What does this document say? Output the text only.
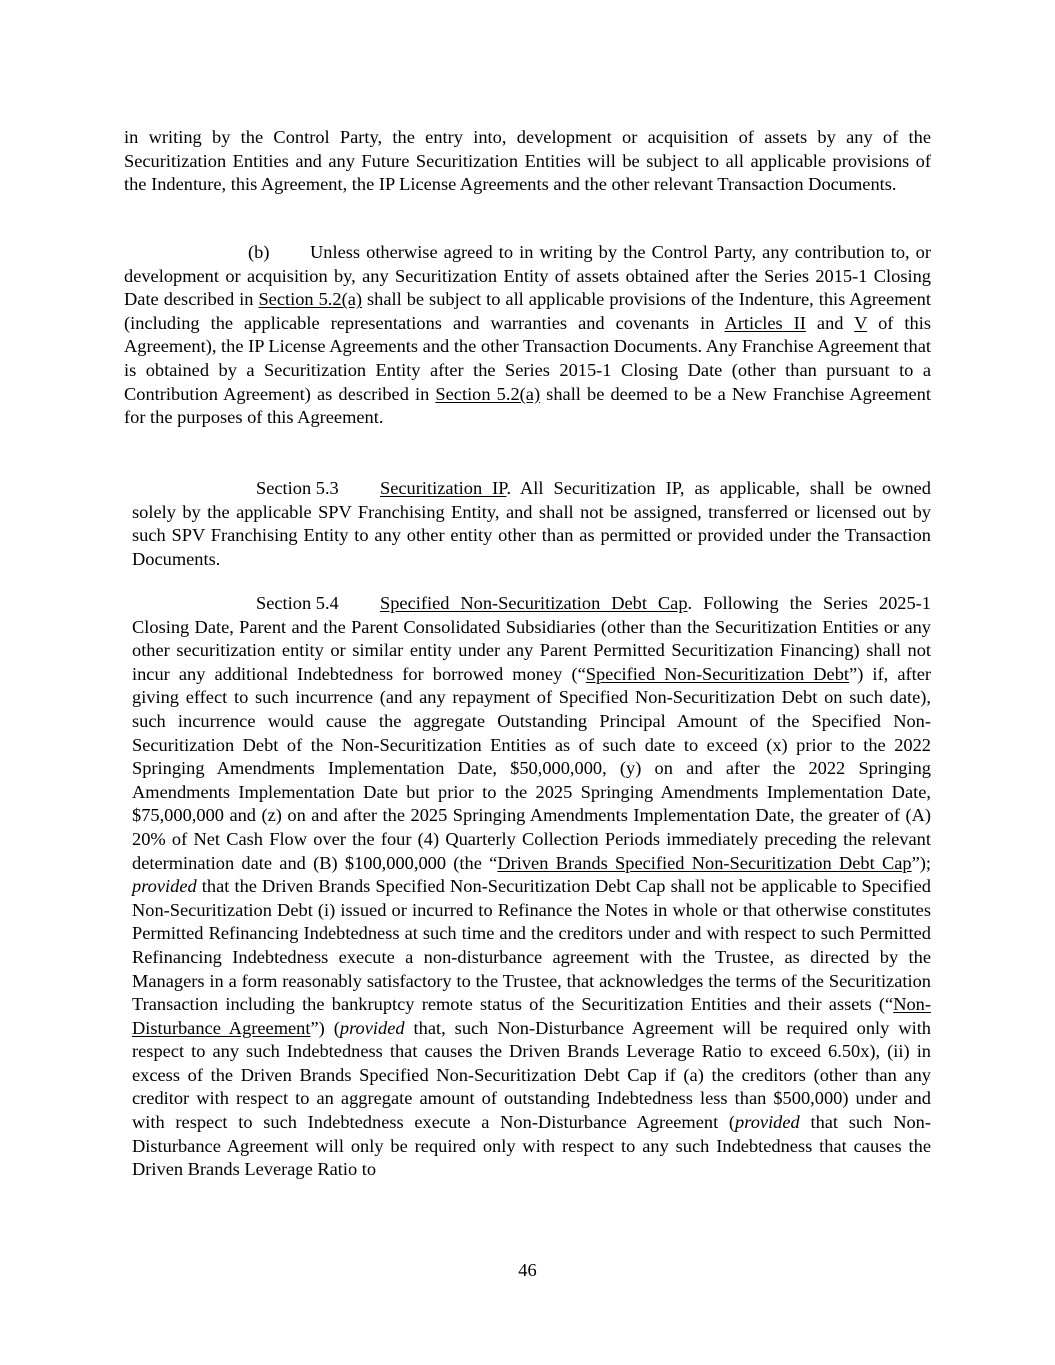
in writing by the Control Party, the entry into, development or acquisition of assets by any of the Securitization Entities and any Future Securitization Entities will be subject to all applicable provisions of the Indenture, this Agreement, the IP License Agreements and the other relevant Transaction Documents.

(b) Unless otherwise agreed to in writing by the Control Party, any contribution to, or development or acquisition by, any Securitization Entity of assets obtained after the Series 2015-1 Closing Date described in Section 5.2(a) shall be subject to all applicable provisions of the Indenture, this Agreement (including the applicable representations and warranties and covenants in Articles II and V of this Agreement), the IP License Agreements and the other Transaction Documents. Any Franchise Agreement that is obtained by a Securitization Entity after the Series 2015-1 Closing Date (other than pursuant to a Contribution Agreement) as described in Section 5.2(a) shall be deemed to be a New Franchise Agreement for the purposes of this Agreement.

Section 5.3 Securitization IP. All Securitization IP, as applicable, shall be owned solely by the applicable SPV Franchising Entity, and shall not be assigned, transferred or licensed out by such SPV Franchising Entity to any other entity other than as permitted or provided under the Transaction Documents.

Section 5.4 Specified Non-Securitization Debt Cap. Following the Series 2025-1 Closing Date, Parent and the Parent Consolidated Subsidiaries (other than the Securitization Entities or any other securitization entity or similar entity under any Parent Permitted Securitization Financing) shall not incur any additional Indebtedness for borrowed money (“Specified Non-Securitization Debt”) if, after giving effect to such incurrence (and any repayment of Specified Non-Securitization Debt on such date), such incurrence would cause the aggregate Outstanding Principal Amount of the Specified Non-Securitization Debt of the Non-Securitization Entities as of such date to exceed (x) prior to the 2022 Springing Amendments Implementation Date, $50,000,000, (y) on and after the 2022 Springing Amendments Implementation Date but prior to the 2025 Springing Amendments Implementation Date, $75,000,000 and (z) on and after the 2025 Springing Amendments Implementation Date, the greater of (A) 20% of Net Cash Flow over the four (4) Quarterly Collection Periods immediately preceding the relevant determination date and (B) $100,000,000 (the “Driven Brands Specified Non-Securitization Debt Cap”); provided that the Driven Brands Specified Non-Securitization Debt Cap shall not be applicable to Specified Non-Securitization Debt (i) issued or incurred to Refinance the Notes in whole or that otherwise constitutes Permitted Refinancing Indebtedness at such time and the creditors under and with respect to such Permitted Refinancing Indebtedness execute a non-disturbance agreement with the Trustee, as directed by the Managers in a form reasonably satisfactory to the Trustee, that acknowledges the terms of the Securitization Transaction including the bankruptcy remote status of the Securitization Entities and their assets (“Non-Disturbance Agreement”) (provided that, such Non-Disturbance Agreement will be required only with respect to any such Indebtedness that causes the Driven Brands Leverage Ratio to exceed 6.50x), (ii) in excess of the Driven Brands Specified Non-Securitization Debt Cap if (a) the creditors (other than any creditor with respect to an aggregate amount of outstanding Indebtedness less than $500,000) under and with respect to such Indebtedness execute a Non-Disturbance Agreement (provided that such Non-Disturbance Agreement will only be required only with respect to any such Indebtedness that causes the Driven Brands Leverage Ratio to

46
